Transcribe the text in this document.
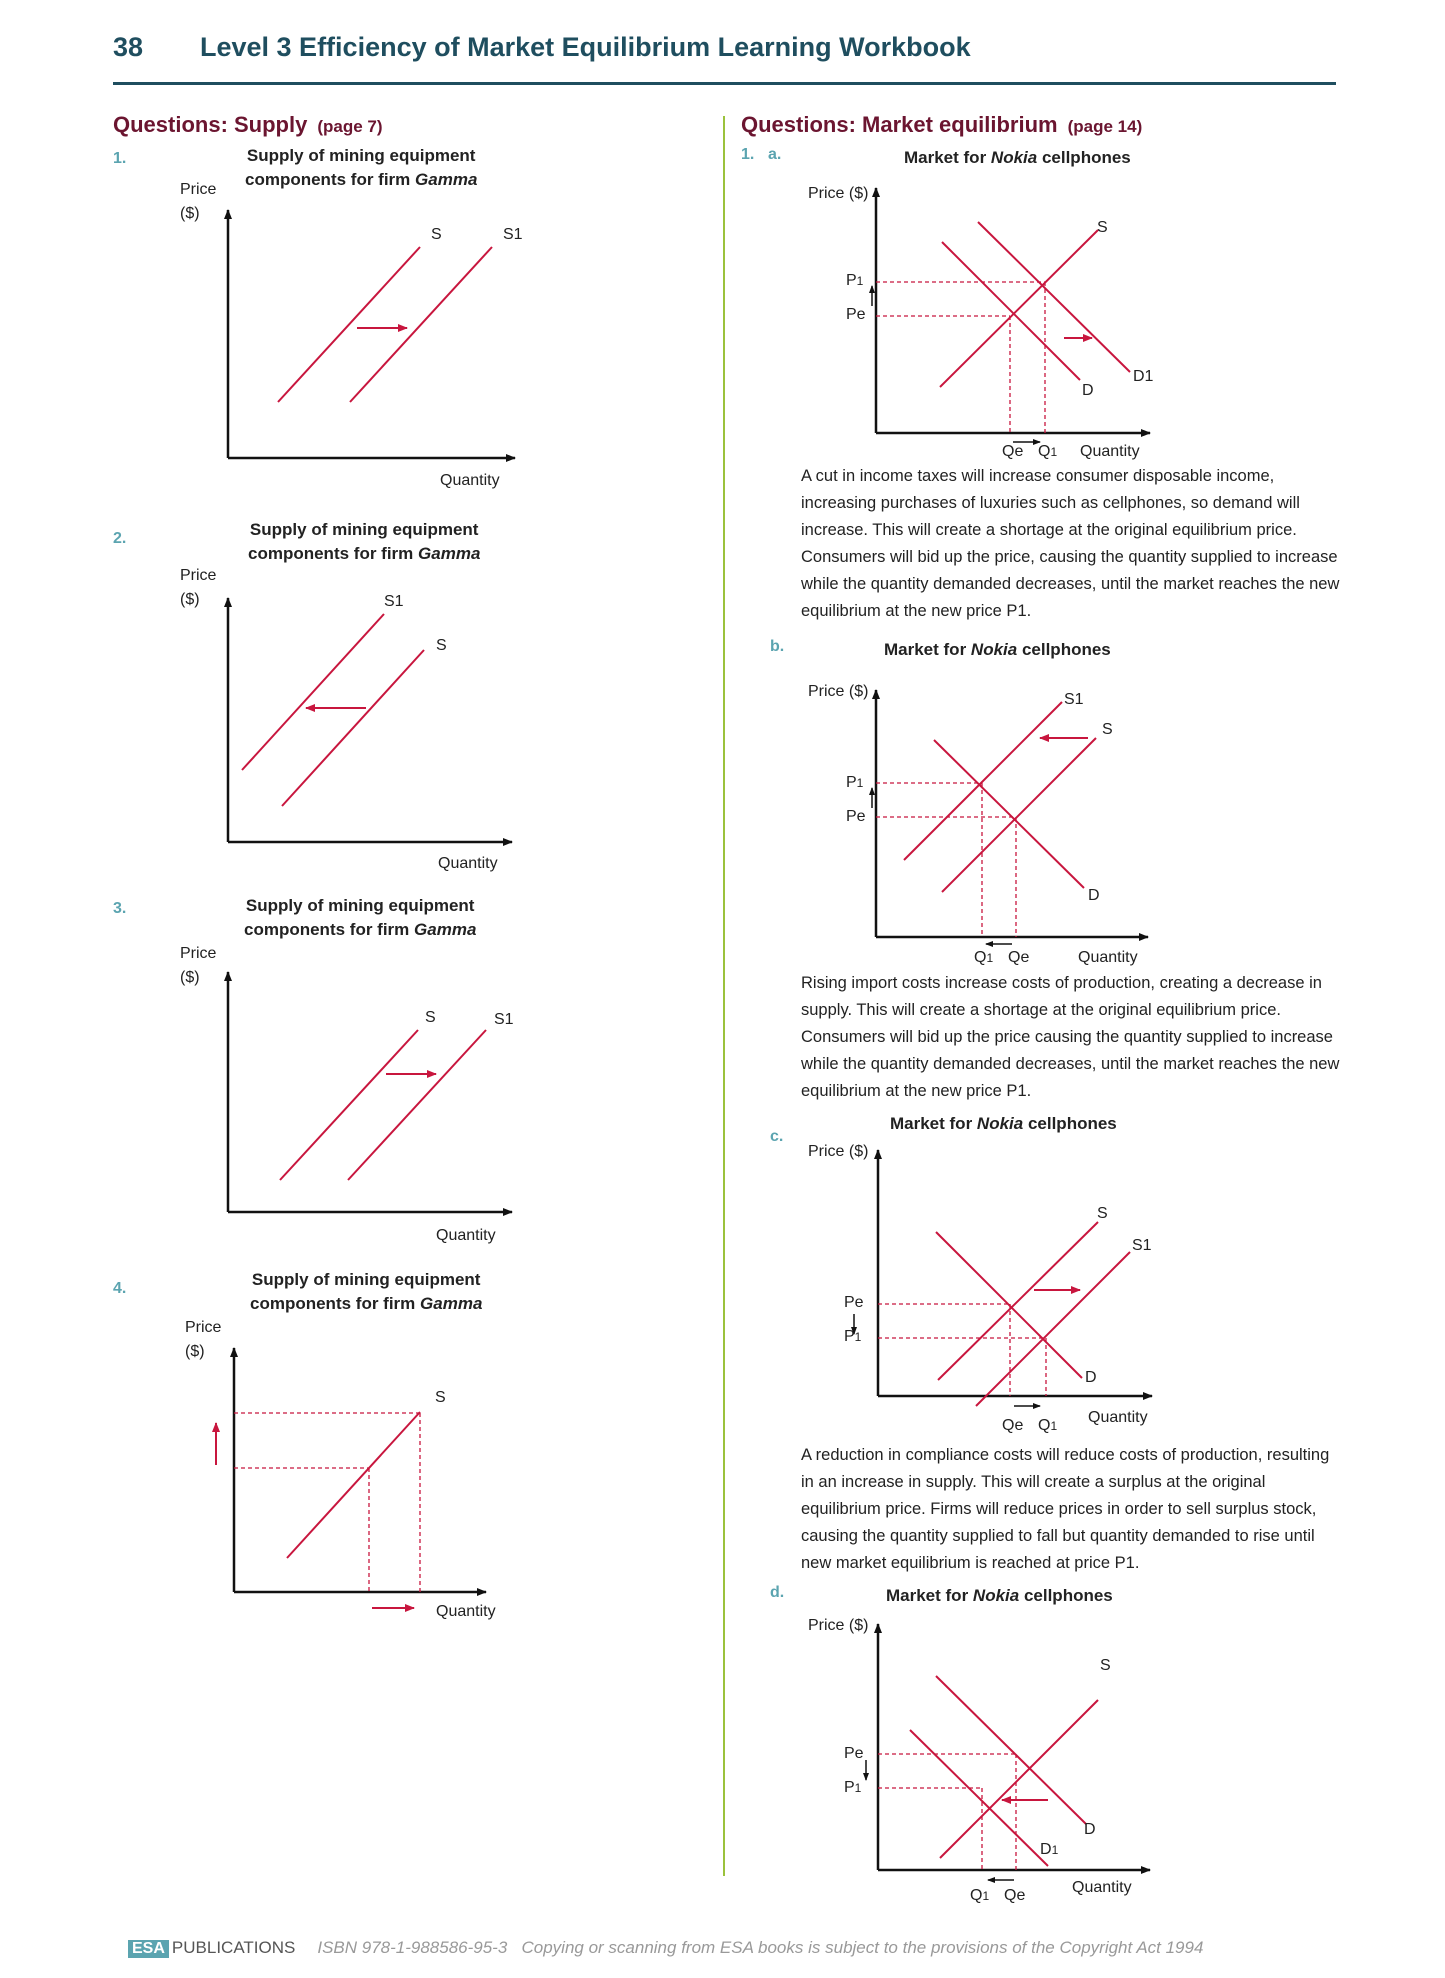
38 Level 3 Efficiency of Market Equilibrium Learning Workbook
Questions: Supply (page 7)
1.	Supply of mining equipment
components for firm Gamma
Price
($)
S	S1
Quantity
2.	Supply of mining equipment
components for firm Gamma
Price
($)	S1
S
Quantity
3.	Supply of mining equipment
components for firm Gamma
Price
($)
S	S1
Quantity
4.	Supply of mining equipment
components for firm Gamma
Price
($)
S
Quantity
Questions: Market equilibrium (page 14)
1. a.	Market for Nokia cellphones
Price ($)
S
D
D1
P1
Pe
Qe Q1 Quantity
A cut in income taxes will increase consumer disposable income, increasing purchases of luxuries such as cellphones, so demand will increase. This will create a shortage at the original equilibrium price. Consumers will bid up the price, causing the quantity supplied to increase while the quantity demanded decreases, until the market reaches the new equilibrium at the new price P1.
b.	Market for Nokia cellphones
Price ($)	S1
S
D
P1
Pe
Q1 Qe	Quantity
Rising import costs increase costs of production, creating a decrease in supply. This will create a shortage at the original equilibrium price. Consumers will bid up the price causing the quantity supplied to increase while the quantity demanded decreases, until the market reaches the new equilibrium at the new price P1.
c.
Market for Nokia cellphones
Price ($)
S
S1
D
Pe
P1
Qe Q1 Quantity
A reduction in compliance costs will reduce costs of production, resulting in an increase in supply. This will create a surplus at the original equilibrium price. Firms will reduce prices in order to sell surplus stock, causing the quantity supplied to fall but quantity demanded to rise until new market equilibrium is reached at price P1.
d.	Market for Nokia cellphones
Price ($)
S
D
D1
Pe
P1
Q1 Qe	Quantity
ESA PUBLICATIONS ISBN 978-1-988586-95-3 Copying or scanning from ESA books is subject to the provisions of the Copyright Act 1994
